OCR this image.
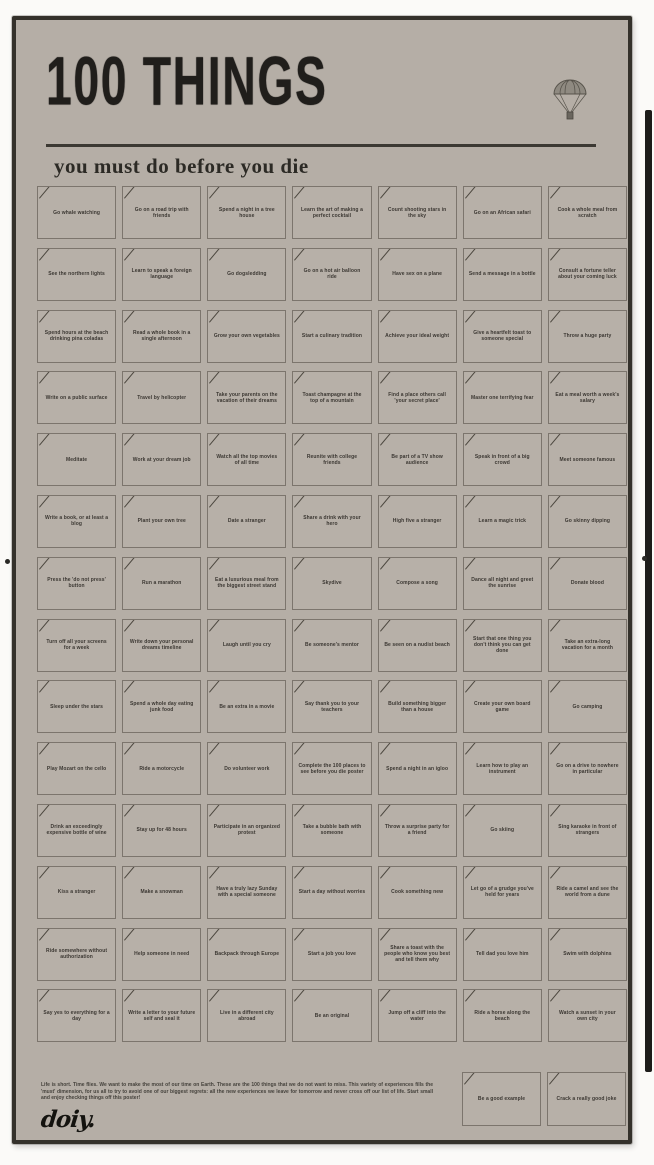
100 THINGS
you must do before you die
Go whale watching	Go on a road trip with friends
Spend a night in a tree house
Learn the art of making a perfect cocktail
Count shooting stars in the sky	Go on an African safari	Cook a whole meal from scratch
See the northern lights	Learn to speak a foreign language	Go dogsledding	Go on a hot air balloon ride	Have sex on a plane	Send a message in a bottle	Consult a fortune teller about your coming luck
Spend hours at the beach drinking pina coladas
Read a whole book in a single afternoon	Grow your own vegetables	Start a culinary tradition	Achieve your ideal weight	Give a heartfelt toast to someone special	Throw a huge party
Write on a public surface	Travel by helicopter	Take your parents on the vacation of their dreams
Toast champagne at the top of a mountain
Find a place others call 'your secret place'	Master one terrifying fear	Eat a meal worth a week's salary
Meditate	Work at your dream job	Watch all the top movies of all time
Reunite with college friends
Be part of a TV show audience
Speak in front of a big crowd	Meet someone famous
Write a book, or at least a blog	Plant your own tree	Date a stranger	Share a drink with your hero	High five a stranger	Learn a magic trick	Go skinny dipping
Press the 'do not press' button	Run a marathon	Eat a luxurious meal from the biggest street stand	Skydive	Compose a song	Dance all night and greet the sunrise	Donate blood
Turn off all your screens for a week
Write down your personal dreams timeline	Laugh until you cry	Be someone's mentor	Be seen on a nudist beach
Start that one thing you don't think you can get done
Take an extra-long vacation for a month
Sleep under the stars	Spend a whole day eating junk food	Be an extra in a movie	Say thank you to your teachers
Build something bigger than a house
Create your own board game	Go camping
Play Mozart on the cello	Ride a motorcycle	Do volunteer work	Complete the 100 places to see before you die poster	Spend a night in an igloo	Learn how to play an instrument
Go on a drive to nowhere in particular
Drink an exceedingly expensive bottle of wine	Stay up for 48 hours	Participate in an organized protest
Take a bubble bath with someone
Throw a surprise party for a friend	Go skiing	Sing karaoke in front of strangers
Kiss a stranger	Make a snowman	Have a truly lazy Sunday with a special someone	Start a day without worries	Cook something new	Let go of a grudge you've held for years
Ride a camel and see the world from a dune
Ride somewhere without authorization	Help someone in need	Backpack through Europe	Start a job you love
Share a toast with the people who know you best and tell them why
Tell dad you love him	Swim with dolphins
Say yes to everything for a day
Write a letter to your future self and seal it
Live in a different city abroad	Be an original	Jump off a cliff into the water
Ride a horse along the beach
Watch a sunset in your own city
Be a good example	Crack a really good joke
Life is short. Time flies. We want to make the most of our time on Earth. These are the 100 things that we do not want to miss. This variety of experiences fills the 'must' dimension, for us all to try to avoid one of our biggest regrets: all the new experiences we leave for tomorrow and never cross off our list of life. Start small and enjoy checking things off this poster!
doiy.
